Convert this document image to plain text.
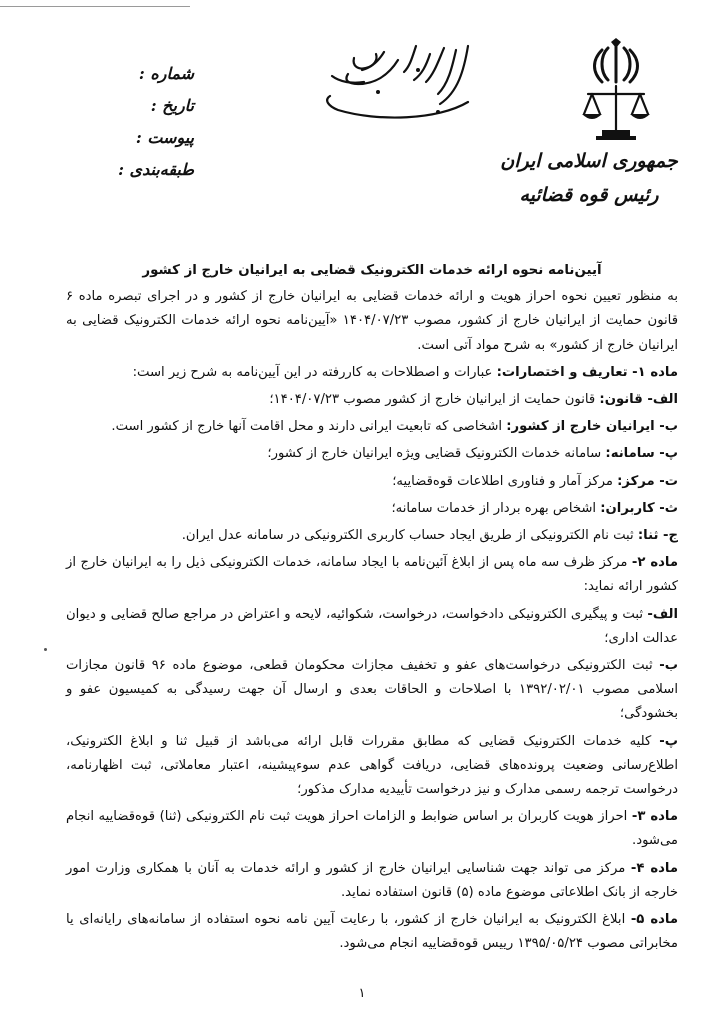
جمهوری اسلامی ایران
رئیس قوه قضائیه
شماره :
تاریخ :
پیوست :
طبقه‌بندی :
آیین‌نامه نحوه ارائه خدمات الکترونیک قضایی به ایرانیان خارج از کشور

به منظور تعیین نحوه احراز هویت و ارائه خدمات قضایی به ایرانیان خارج از کشور و در اجرای تبصره ماده ۶ قانون حمایت از ایرانیان خارج از کشور، مصوب ۱۴۰۴/۰۷/۲۳ «آیین‌نامه نحوه ارائه خدمات الکترونیک قضایی به ایرانیان خارج از کشور» به شرح مواد آتی است.

ماده ۱- تعاریف و اختصارات: عبارات و اصطلاحات به کاررفته در این آیین‌نامه به شرح زیر است:

الف- قانون: قانون حمایت از ایرانیان خارج از کشور مصوب ۱۴۰۴/۰۷/۲۳؛

ب- ایرانیان خارج از کشور: اشخاصی که تابعیت ایرانی دارند و محل اقامت آنها خارج از کشور است.

پ- سامانه: سامانه خدمات الکترونیک قضایی ویژه ایرانیان خارج از کشور؛

ت- مرکز: مرکز آمار و فناوری اطلاعات قوه‌قضاییه؛

ث- کاربران: اشخاص بهره بردار از خدمات سامانه؛

ج- ثنا: ثبت نام الکترونیکی از طریق ایجاد حساب کاربری الکترونیکی در سامانه عدل ایران.

ماده ۲- مرکز ظرف سه ماه پس از ابلاغ آئین‌نامه با ایجاد سامانه، خدمات الکترونیکی ذیل را به ایرانیان خارج از کشور ارائه نماید:

الف- ثبت و پیگیری الکترونیکی دادخواست، درخواست، شکوائیه، لایحه و اعتراض در مراجع صالح قضایی و دیوان عدالت اداری؛

ب- ثبت الکترونیکی درخواست‌های عفو و تخفیف مجازات محکومان قطعی، موضوع ماده ۹۶ قانون مجازات اسلامی مصوب ۱۳۹۲/۰۲/۰۱ با اصلاحات و الحاقات بعدی و ارسال آن جهت رسیدگی به کمیسیون عفو و بخشودگی؛

پ- کلیه خدمات الکترونیک قضایی که مطابق مقررات قابل ارائه می‌باشد از قبیل ثنا و ابلاغ الکترونیک، اطلاع‌رسانی وضعیت پرونده‌های قضایی، دریافت گواهی عدم سوءپیشینه، اعتبار معاملاتی، ثبت اظهارنامه، درخواست ترجمه رسمی مدارک و نیز درخواست تأییدیه مدارک مذکور؛

ماده ۳- احراز هویت کاربران بر اساس ضوابط و الزامات احراز هویت ثبت نام الکترونیکی (ثنا) قوه‌قضاییه انجام می‌شود.

ماده ۴- مرکز می تواند جهت شناسایی ایرانیان خارج از کشور و ارائه خدمات به آنان با همکاری وزارت امور خارجه از بانک اطلاعاتی موضوع ماده (۵) قانون استفاده نماید.

ماده ۵- ابلاغ الکترونیک به ایرانیان خارج از کشور، با رعایت آیین نامه نحوه استفاده از سامانه‌های رایانه‌ای یا مخابراتی مصوب ۱۳۹۵/۰۵/۲۴ رییس قوه‌قضاییه انجام می‌شود.

۱
